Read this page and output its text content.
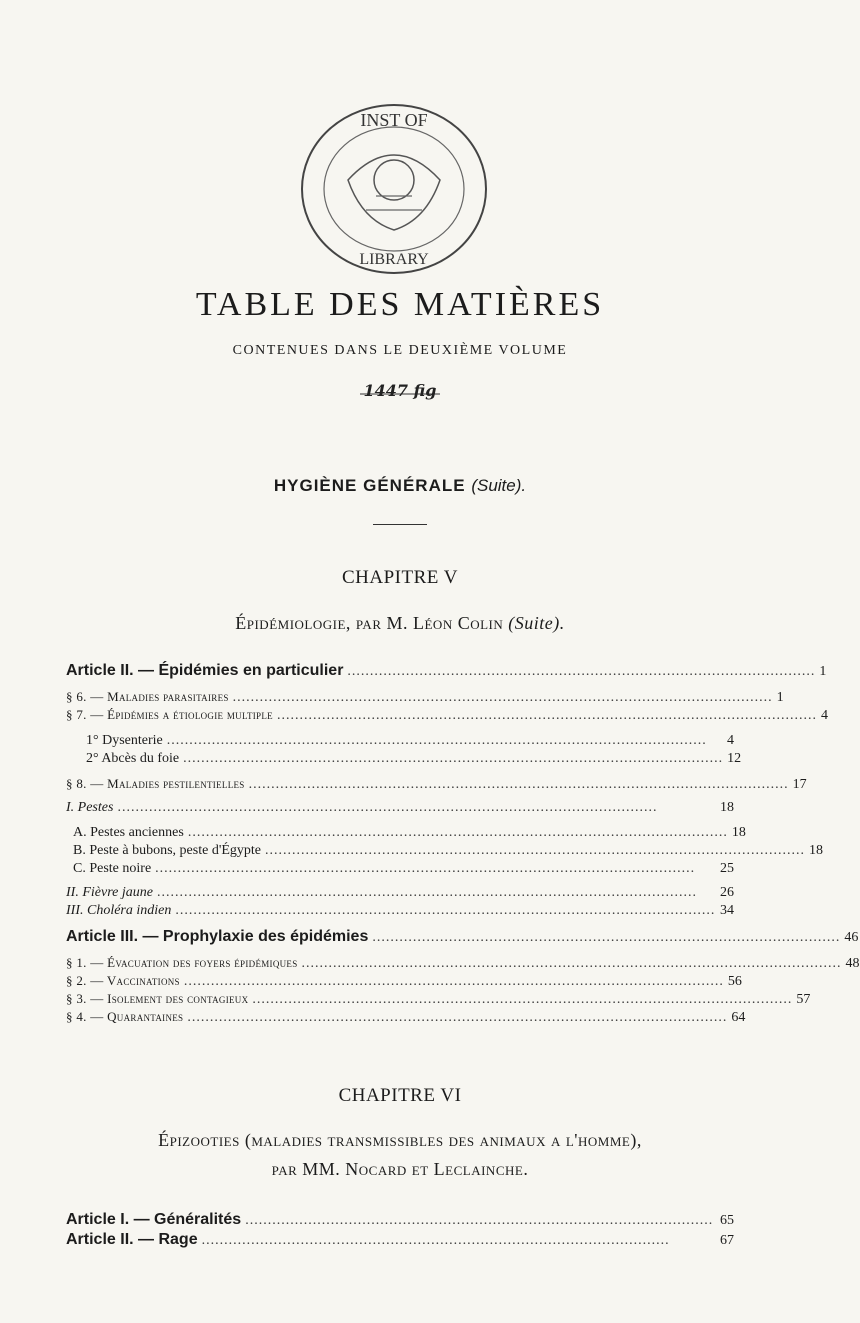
INST OF
LIBRARY
TABLE DES MATIÈRES
CONTENUES DANS LE DEUXIÈME VOLUME
1447 fig
HYGIÈNE GÉNÉRALE (Suite).
CHAPITRE V
Épidémiologie, par M. Léon Colin (Suite).
Article II. — Épidémies en particulier ........................................................................................................ 1
§ 6. — Maladies parasitaires ........................................................................................................................ 1
§ 7. — Épidémies a étiologie multiple ........................................................................................................................ 4
1° Dysenterie ........................................................................................................................	4
2° Abcès du foie ........................................................................................................................ 12
§ 8. — Maladies pestilentielles ........................................................................................................................ 17
I. Pestes ........................................................................................................................	18
A. Pestes anciennes ........................................................................................................................ 18
B. Peste à bubons, peste d'Égypte ........................................................................................................................ 18
C. Peste noire ........................................................................................................................	25
II. Fièvre jaune ........................................................................................................................	26
III. Choléra indien ........................................................................................................................ 34
Article III. — Prophylaxie des épidémies ........................................................................................................ 46
§ 1. — Évacuation des foyers épidémiques ........................................................................................................................ 48
§ 2. — Vaccinations ........................................................................................................................ 56
§ 3. — Isolement des contagieux ........................................................................................................................ 57
§ 4. — Quarantaines ........................................................................................................................ 64
CHAPITRE VI
Épizooties (maladies transmissibles des animaux a l'homme),
par MM. Nocard et Leclainche.
Article I. — Généralités ........................................................................................................ 65
Article II. — Rage ........................................................................................................	67
